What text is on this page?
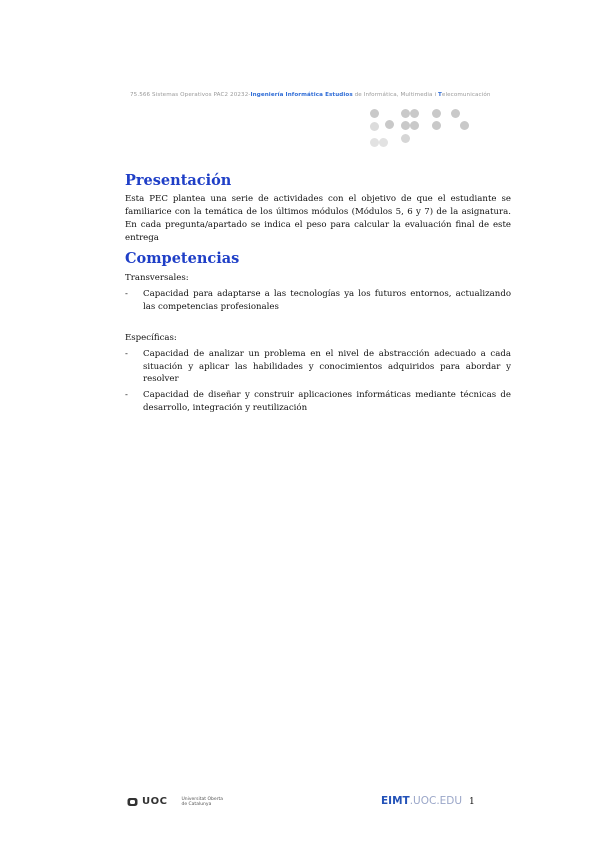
75.566 Sistemas Operativos PAC2 20232-Ingeniería Informática Estudios de Informática, Multimedia i Telecomunicación
Presentación
Esta PEC plantea una serie de actividades con el objetivo de que el estudiante se familiarice con la temática de los últimos módulos (Módulos 5, 6 y 7) de la asignatura. En cada pregunta/apartado se indica el peso para calcular la evaluación final de este entrega
Competencias
Transversales:
- Capacidad para adaptarse a las tecnologías ya los futuros entornos, actualizando las competencias profesionales
Específicas:
- Capacidad de analizar un problema en el nivel de abstracción adecuado a cada situación y aplicar las habilidades y conocimientos adquiridos para abordar y resolver
- Capacidad de diseñar y construir aplicaciones informáticas mediante técnicas de desarrollo, integración y reutilización
UOC	Universitat Oberta
de Catalunya	EIMT.UOC.EDU 1
